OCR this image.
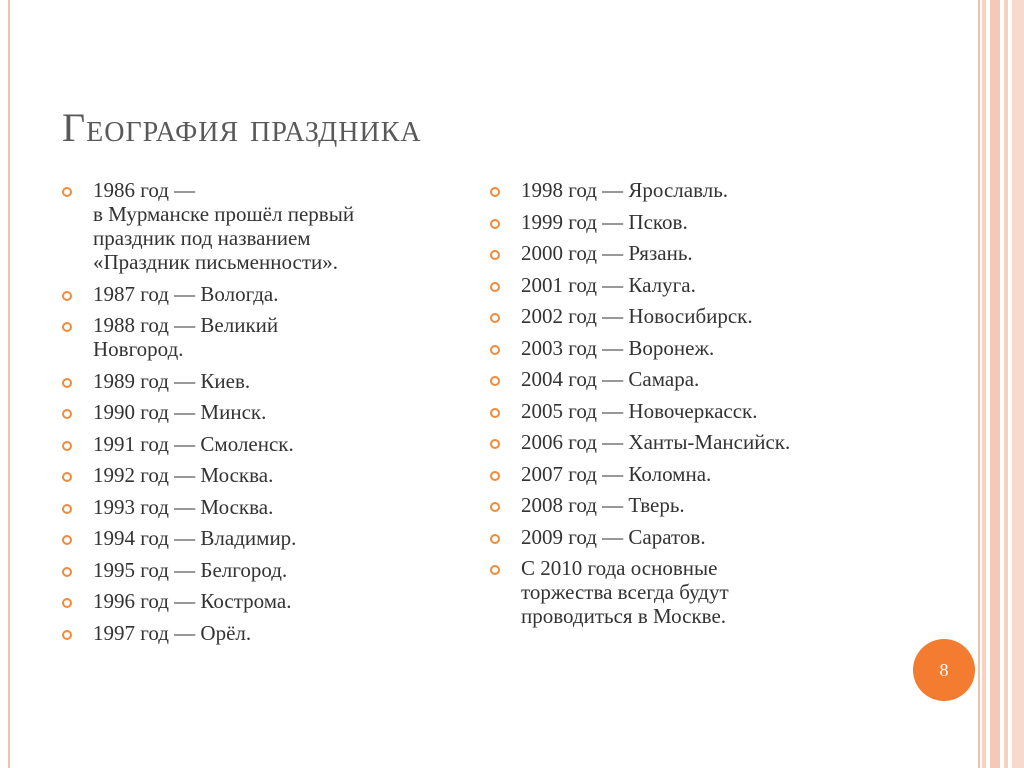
География праздника
1986 год —
в Мурманске прошёл первый
праздник под названием
«Праздник письменности».
1987 год — Вологда.
1988 год — Великий
Новгород.
1989 год — Киев.
1990 год — Минск.
1991 год — Смоленск.
1992 год — Москва.
1993 год — Москва.
1994 год — Владимир.
1995 год — Белгород.
1996 год — Кострома.
1997 год — Орёл.
1998 год — Ярославль.
1999 год — Псков.
2000 год — Рязань.
2001 год — Калуга.
2002 год — Новосибирск.
2003 год — Воронеж.
2004 год — Самара.
2005 год — Новочеркасск.
2006 год — Ханты-Мансийск.
2007 год — Коломна.
2008 год — Тверь.
2009 год — Саратов.
С 2010 года основные
торжества всегда будут
проводиться в Москве.
8
